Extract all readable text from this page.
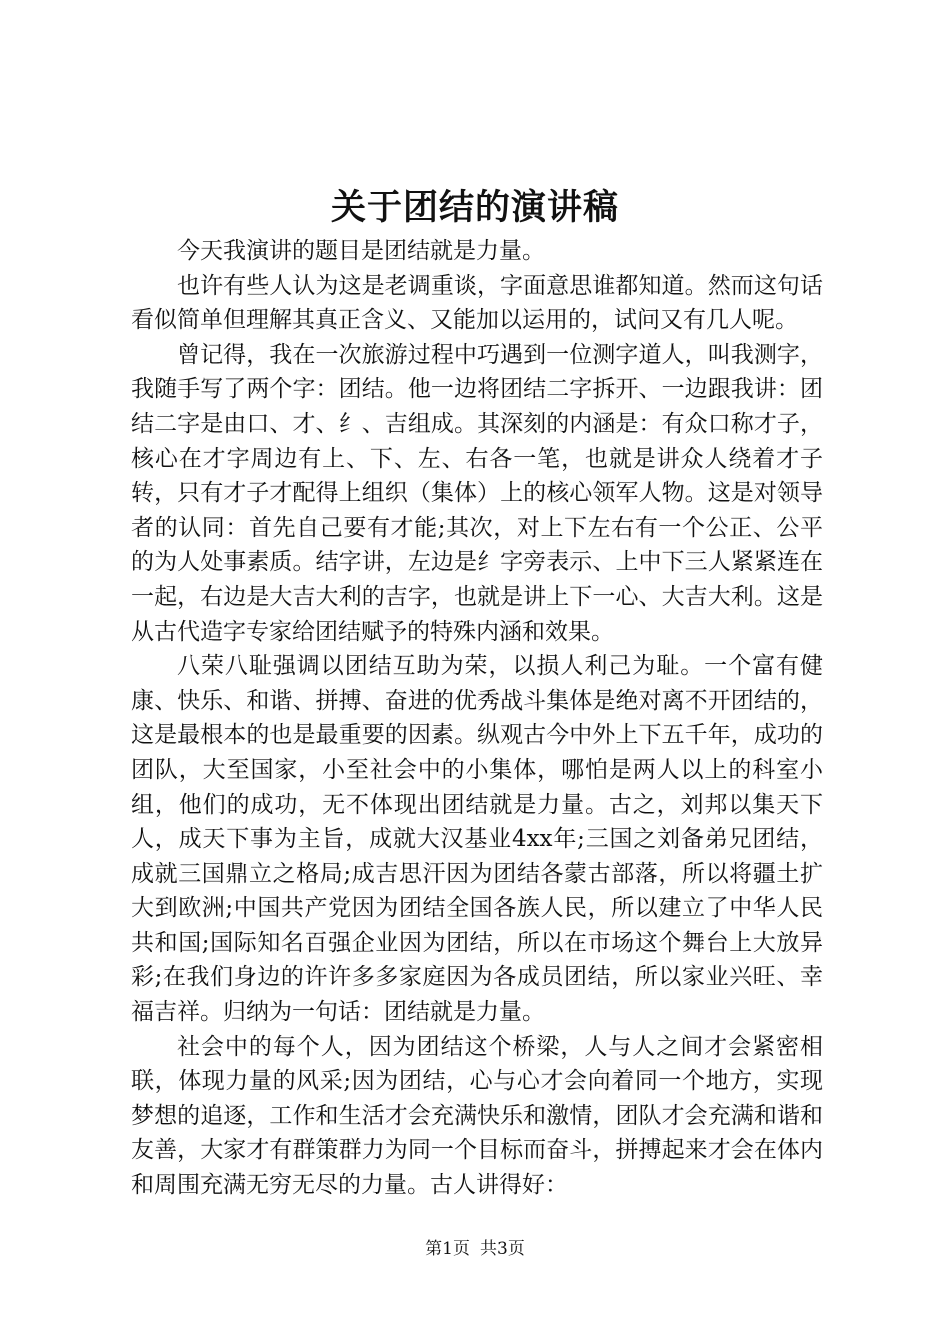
关于团结的演讲稿

今天我演讲的题目是团结就是力量。

也许有些人认为这是老调重谈，字面意思谁都知道。然而这句话看似简单但理解其真正含义、又能加以运用的，试问又有几人呢。

曾记得，我在一次旅游过程中巧遇到一位测字道人，叫我测字，我随手写了两个字：团结。他一边将团结二字拆开、一边跟我讲：团结二字是由口、才、纟、吉组成。其深刻的内涵是：有众口称才子，核心在才字周边有上、下、左、右各一笔，也就是讲众人绕着才子转，只有才子才配得上组织（集体）上的核心领军人物。这是对领导者的认同：首先自己要有才能;其次，对上下左右有一个公正、公平的为人处事素质。结字讲，左边是纟字旁表示、上中下三人紧紧连在一起，右边是大吉大利的吉字，也就是讲上下一心、大吉大利。这是从古代造字专家给团结赋予的特殊内涵和效果。

八荣八耻强调以团结互助为荣，以损人利己为耻。一个富有健康、快乐、和谐、拼搏、奋进的优秀战斗集体是绝对离不开团结的，这是最根本的也是最重要的因素。纵观古今中外上下五千年，成功的团队，大至国家，小至社会中的小集体，哪怕是两人以上的科室小组，他们的成功，无不体现出团结就是力量。古之，刘邦以集天下人，成天下事为主旨，成就大汉基业4xx年;三国之刘备弟兄团结，成就三国鼎立之格局;成吉思汗因为团结各蒙古部落，所以将疆土扩大到欧洲;中国共产党因为团结全国各族人民，所以建立了中华人民共和国;国际知名百强企业因为团结，所以在市场这个舞台上大放异彩;在我们身边的许许多多家庭因为各成员团结，所以家业兴旺、幸福吉祥。归纳为一句话：团结就是力量。

社会中的每个人，因为团结这个桥梁，人与人之间才会紧密相联，体现力量的风采;因为团结，心与心才会向着同一个地方，实现梦想的追逐，工作和生活才会充满快乐和激情，团队才会充满和谐和友善，大家才有群策群力为同一个目标而奋斗，拼搏起来才会在体内和周围充满无穷无尽的力量。古人讲得好：

第1页 共3页
